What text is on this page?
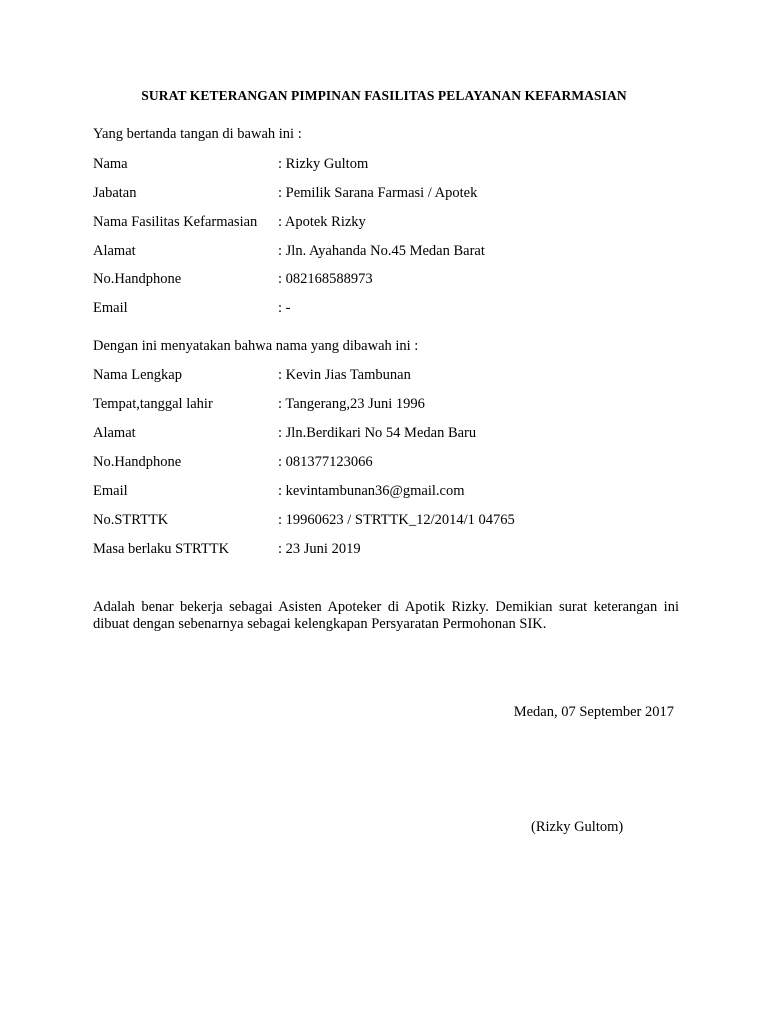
SURAT KETERANGAN PIMPINAN FASILITAS PELAYANAN KEFARMASIAN
Yang bertanda tangan di bawah ini :
Nama	: Rizky Gultom
Jabatan	: Pemilik Sarana Farmasi / Apotek
Nama Fasilitas Kefarmasian : Apotek Rizky
Alamat	: Jln. Ayahanda No.45 Medan Barat
No.Handphone	: 082168588973
Email	: -
Dengan ini menyatakan bahwa nama yang dibawah ini :
Nama Lengkap	: Kevin Jias Tambunan
Tempat,tanggal lahir	: Tangerang,23 Juni 1996
Alamat	: Jln.Berdikari No 54 Medan Baru
No.Handphone	: 081377123066
Email	: kevintambunan36@gmail.com
No.STRTTK	: 19960623 / STRTTK_12/2014/1 04765
Masa berlaku STRTTK	: 23 Juni 2019
Adalah benar bekerja sebagai Asisten Apoteker di Apotik Rizky. Demikian surat keterangan ini dibuat dengan sebenarnya sebagai kelengkapan Persyaratan Permohonan SIK.
Medan, 07 September 2017
(Rizky Gultom)
